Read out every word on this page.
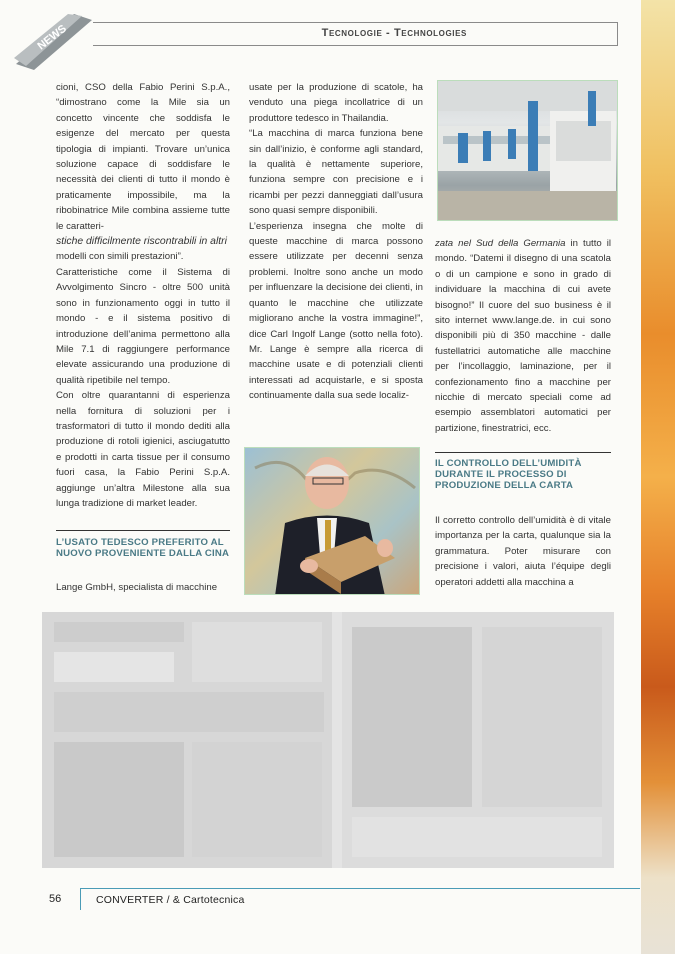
NEWS	Tecnologie - Technologies

cioni, CSO della Fabio Perini S.p.A., “dimostrano come la Mile sia un concetto vincente che soddisfa le esigenze del mercato per questa tipologia di impianti. Trovare un’unica soluzione capace di soddisfare le necessità dei clienti di tutto il mondo è praticamente impossibile, ma la ribobinatrice Mile combina assieme tutte le caratteri-

stiche difficilmente riscontrabili in altri

modelli con simili prestazioni”.

Caratteristiche come il Sistema di Avvolgimento Sincro - oltre 500 unità sono in funzionamento oggi in tutto il mondo - e il sistema positivo di introduzione dell’anima permettono alla Mile 7.1 di raggiungere performance elevate assicurando una produzione di qualità ripetibile nel tempo.

Con oltre quarantanni di esperienza nella fornitura di soluzioni per i trasformatori di tutto il mondo dediti alla produzione di rotoli igienici, asciugatutto e prodotti in carta tissue per il consumo fuori casa, la Fabio Perini S.p.A. aggiunge un’altra Milestone alla sua lunga tradizione di market leader.

L’USATO TEDESCO PREFERITO AL NUOVO PROVENIENTE DALLA CINA
Lange GmbH, specialista di macchine

usate per la produzione di scatole, ha venduto una piega incollatrice di un produttore tedesco in Thailandia.

“La macchina di marca funziona bene sin dall’inizio, è conforme agli standard, la qualità è nettamente superiore, funziona sempre con precisione e i ricambi per pezzi danneggiati dall’usura sono quasi sempre disponibili.

L’esperienza insegna che molte di queste macchine di marca possono essere utilizzate per decenni senza problemi. Inoltre sono anche un modo per influenzare la decisione dei clienti, in quanto le macchine che utilizzate migliorano anche la vostra immagine!”, dice Carl Ingolf Lange (sotto nella foto). Mr. Lange è sempre alla ricerca di macchine usate e di potenziali clienti interessati ad acquistarle, e si sposta continuamente dalla sua sede localiz-

zata nel Sud della Germania in tutto il mondo. “Datemi il disegno di una scatola o di un campione e sono in grado di individuare la macchina di cui avete bisogno!” Il cuore del suo business è il sito internet www.lange.de. in cui sono disponibili più di 350 macchine - dalle fustellatrici automatiche alle macchine per l’incollaggio, laminazione, per il confezionamento fino a macchine per nicchie di mercato speciali come ad esempio assemblatori automatici per partizione, finestratrici, ecc.

IL CONTROLLO DELL’UMIDITÀ DURANTE IL PROCESSO DI PRODUZIONE DELLA CARTA
Il corretto controllo dell’umidità è di vitale importanza per la carta, qualunque sia la grammatura. Poter misurare con precisione i valori, aiuta l’équipe degli operatori addetti alla macchina a
56	CONVERTER / & Cartotecnica
